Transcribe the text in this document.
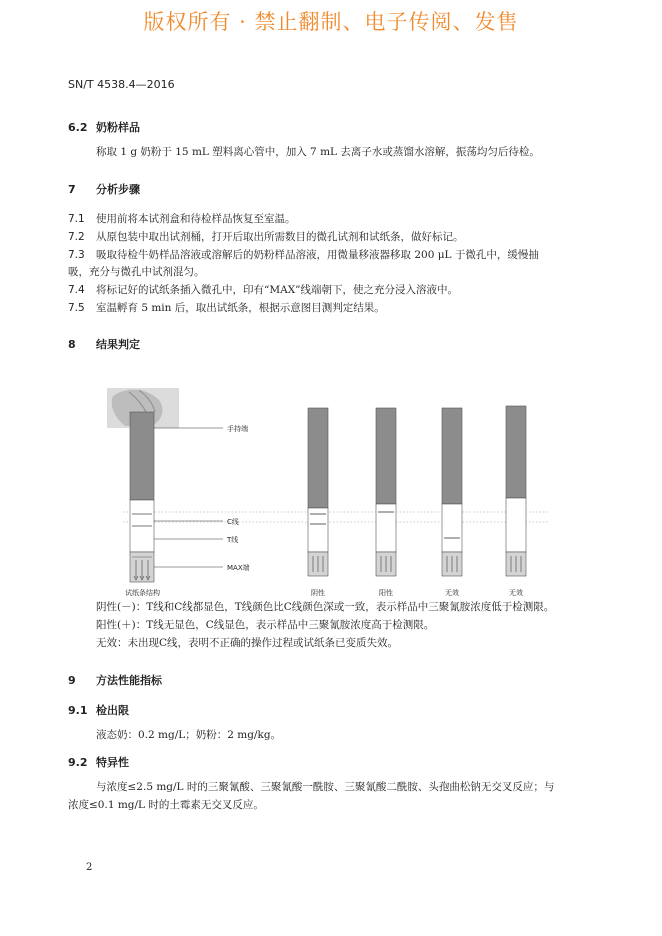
版权所有 · 禁止翻制、电子传阅、发售
SN/T 4538.4—2016
6.2 奶粉样品
称取 1 g 奶粉于 15 mL 塑料离心管中，加入 7 mL 去离子水或蒸馏水溶解，振荡均匀后待检。
7 分析步骤
7.1 使用前将本试剂盒和待检样品恢复至室温。
7.2 从原包装中取出试剂桶，打开后取出所需数目的微孔试剂和试纸条，做好标记。
7.3 吸取待检牛奶样品溶液或溶解后的奶粉样品溶液，用微量移液器移取 200 μL 于微孔中，缓慢抽
吸，充分与微孔中试剂混匀。
7.4 将标记好的试纸条插入微孔中，印有“MAX”线端朝下，使之充分浸入溶液中。
7.5 室温孵育 5 min 后，取出试纸条，根据示意图目测判定结果。
8 结果判定
手持端
C线
T线
MAX端
试纸条结构	阴性	阳性	无效	无效
阴性(－)：T线和C线都显色，T线颜色比C线颜色深或一致，表示样品中三聚氰胺浓度低于检测限。
阳性(＋)：T线无显色，C线显色，表示样品中三聚氰胺浓度高于检测限。
无效：未出现C线，表明不正确的操作过程或试纸条已变质失效。
9 方法性能指标
9.1 检出限
液态奶：0.2 mg/L；奶粉：2 mg/kg。
9.2 特异性
与浓度≤2.5 mg/L 时的三聚氰酸、三聚氰酸一酰胺、三聚氰酸二酰胺、头孢曲松钠无交叉反应；与
浓度≤0.1 mg/L 时的土霉素无交叉反应。
2
